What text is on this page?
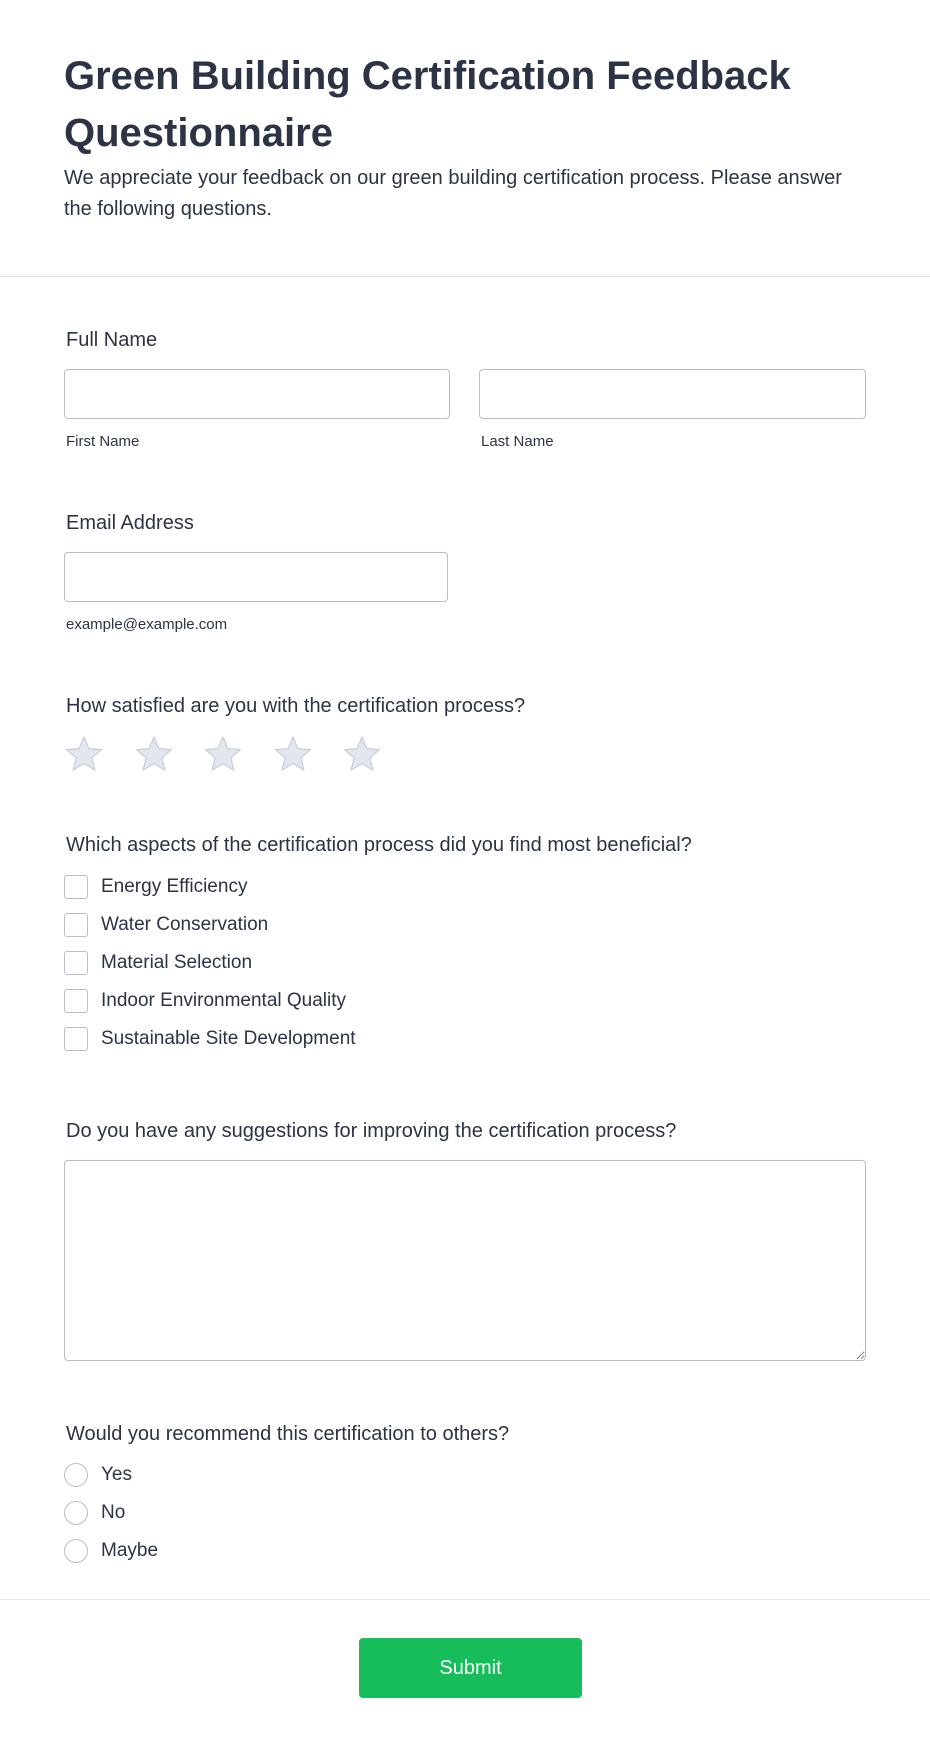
Green Building Certification Feedback Questionnaire

We appreciate your feedback on our green building certification process. Please answer the following questions.

Full Name
First Name	Last Name
Email Address
example@example.com
How satisfied are you with the certification process?
Which aspects of the certification process did you find most beneficial?
Energy Efficiency
Water Conservation
Material Selection
Indoor Environmental Quality
Sustainable Site Development
Do you have any suggestions for improving the certification process?
Would you recommend this certification to others?
Yes
No
Maybe
Submit
